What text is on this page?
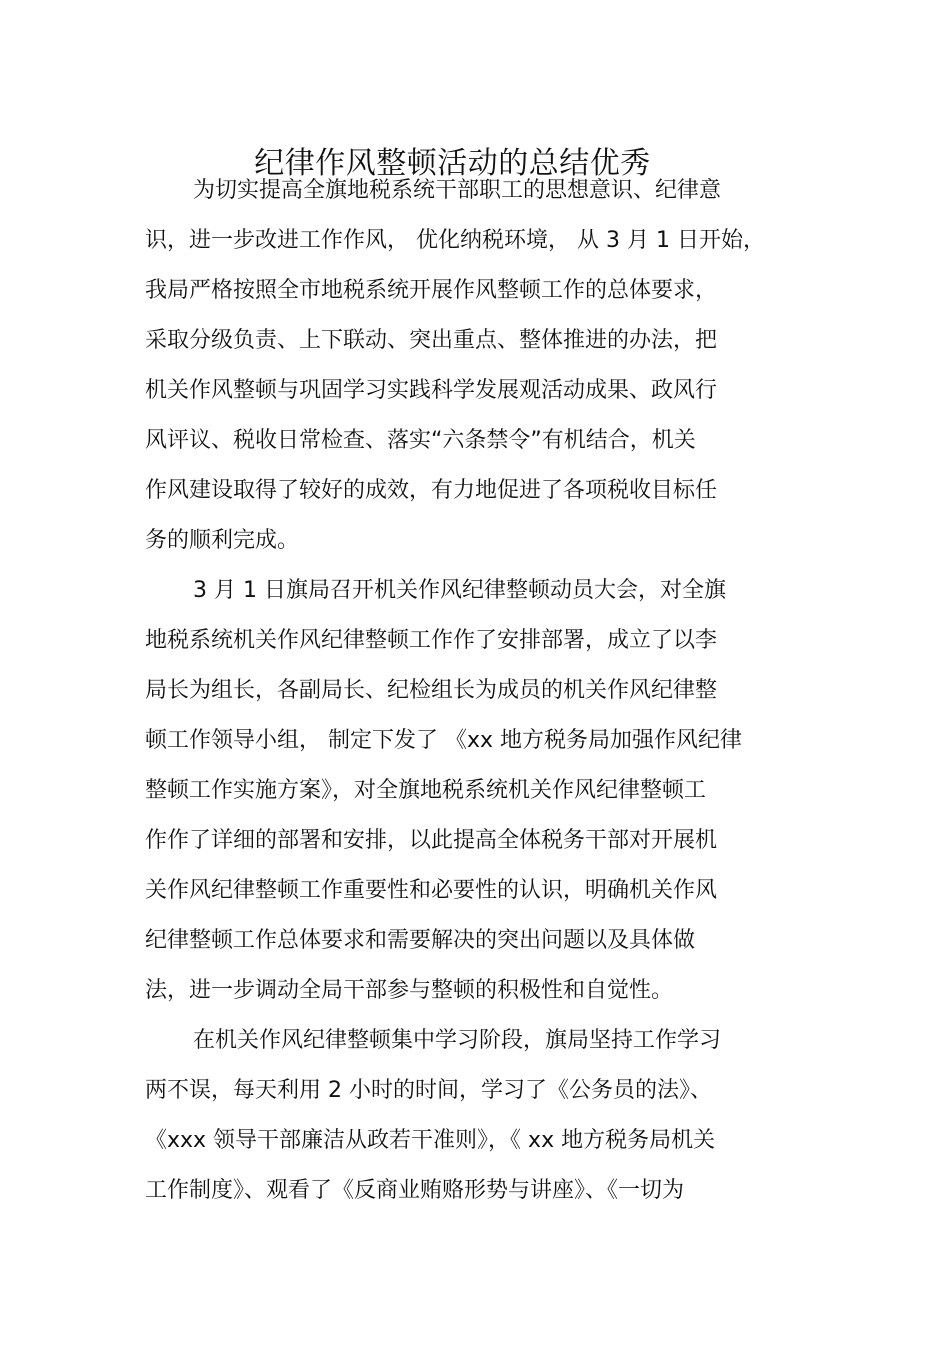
纪律作风整顿活动的总结优秀
为切实提高全旗地税系统干部职工的思想意识、纪律意
识，进一步改进工作作风， 优化纳税环境， 从 3 月 1 日开始，
我局严格按照全市地税系统开展作风整顿工作的总体要求，
采取分级负责、上下联动、突出重点、整体推进的办法，把
机关作风整顿与巩固学习实践科学发展观活动成果、政风行
风评议、税收日常检查、落实“六条禁令”有机结合，机关
作风建设取得了较好的成效，有力地促进了各项税收目标任
务的顺利完成。
3 月 1 日旗局召开机关作风纪律整顿动员大会，对全旗
地税系统机关作风纪律整顿工作作了安排部署，成立了以李
局长为组长，各副局长、纪检组长为成员的机关作风纪律整
顿工作领导小组， 制定下发了 《xx 地方税务局加强作风纪律
整顿工作实施方案》，对全旗地税系统机关作风纪律整顿工
作作了详细的部署和安排，以此提高全体税务干部对开展机
关作风纪律整顿工作重要性和必要性的认识，明确机关作风
纪律整顿工作总体要求和需要解决的突出问题以及具体做
法，进一步调动全局干部参与整顿的积极性和自觉性。
在机关作风纪律整顿集中学习阶段，旗局坚持工作学习
两不误，每天利用 2 小时的时间，学习了《公务员的法》、
《xxx 领导干部廉洁从政若干准则》，《 xx 地方税务局机关
工作制度》、观看了《反商业贿赂形势与讲座》、《一切为
